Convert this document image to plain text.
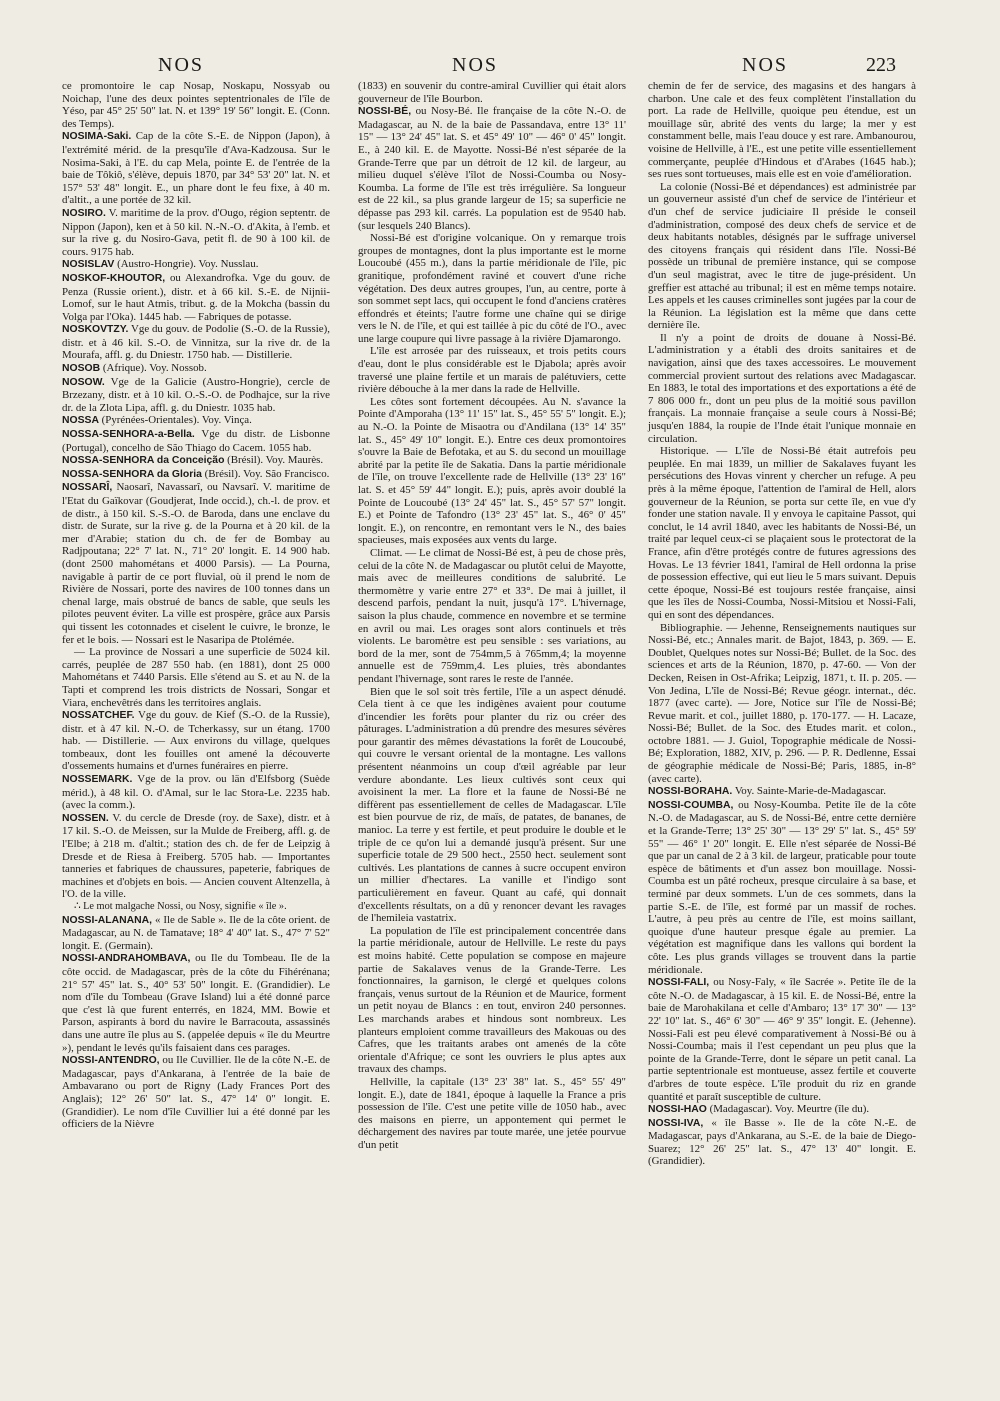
NOS	NOS	NOS	223

ce promontoire le cap Nosap, Noskapu, Nossyab ou Noichap, l'une des deux pointes septentrionales de l'île de Yéso, par 45° 25' 50" lat. N. et 139° 19' 56" longit. E. (Conn. des Temps).

NOSIMA-Saki. Cap de la côte S.-E. de Nippon (Japon), à l'extrémité mérid. de la presqu'île d'Ava-Kadzousa. Sur le Nosima-Saki, à l'E. du cap Mela, pointe E. de l'entrée de la baie de Tôkiô, s'élève, depuis 1870, par 34° 53' 20" lat. N. et 157° 53' 48" longit. E., un phare dont le feu fixe, à 40 m. d'altit., a une portée de 32 kil.

NOSIRO. V. maritime de la prov. d'Ougo, région septentr. de Nippon (Japon), ken et à 50 kil. N.-N.-O. d'Akita, à l'emb. et sur la rive g. du Nosiro-Gava, petit fl. de 90 à 100 kil. de cours. 9175 hab.

NOSISLAV (Austro-Hongrie). Voy. Nusslau.

NOSKOF-KHOUTOR, ou Alexandrofka. Vge du gouv. de Penza (Russie orient.), distr. et à 66 kil. S.-E. de Nijnii-Lomof, sur le haut Atmis, tribut. g. de la Mokcha (bassin du Volga par l'Oka). 1445 hab. — Fabriques de potasse.

NOSKOVTZY. Vge du gouv. de Podolie (S.-O. de la Russie), distr. et à 46 kil. S.-O. de Vinnitza, sur la rive dr. de la Mourafa, affl. g. du Dniestr. 1750 hab. — Distillerie.

NOSOB (Afrique). Voy. Nossob.

NOSOW. Vge de la Galicie (Austro-Hongrie), cercle de Brzezany, distr. et à 10 kil. O.-S.-O. de Podhajce, sur la rive dr. de la Zlota Lipa, affl. g. du Dniestr. 1035 hab.

NOSSA (Pyrénées-Orientales). Voy. Vinça.

NOSSA-SENHORA-a-Bella. Vge du distr. de Lisbonne (Portugal), concelho de São Thiago do Cacem. 1055 hab.

NOSSA-SENHORA da Conceição (Brésil). Voy. Maurès.

NOSSA-SENHORA da Gloria (Brésil). Voy. São Francisco.

NOSSARÎ, Naosarî, Navassarî, ou Navsarî. V. maritime de l'Etat du Gaïkovar (Goudjerat, Inde occid.), ch.-l. de prov. et de distr., à 150 kil. S.-S.-O. de Baroda, dans une enclave du distr. de Surate, sur la rive g. de la Pourna et à 20 kil. de la mer d'Arabie; station du ch. de fer de Bombay au Radjpoutana; 22° 7' lat. N., 71° 20' longit. E. 14 900 hab. (dont 2500 mahométans et 4000 Parsis). — La Pourna, navigable à partir de ce port fluvial, où il prend le nom de Rivière de Nossari, porte des navires de 100 tonnes dans un chenal large, mais obstrué de bancs de sable, que seuls les pilotes peuvent éviter. La ville est prospère, grâce aux Parsis qui tissent les cotonnades et ciselent le cuivre, le bronze, le fer et le bois. — Nossari est le Nasaripa de Ptolémée.

— La province de Nossari a une superficie de 5024 kil. carrés, peuplée de 287 550 hab. (en 1881), dont 25 000 Mahométans et 7440 Parsis. Elle s'étend au S. et au N. de la Tapti et comprend les trois districts de Nossari, Songar et Viara, enchevêtrés dans les territoires anglais.

NOSSATCHEF. Vge du gouv. de Kief (S.-O. de la Russie), distr. et à 47 kil. N.-O. de Tcherkassy, sur un étang. 1700 hab. — Distillerie. — Aux environs du village, quelques tombeaux, dont les fouilles ont amené la découverte d'ossements humains et d'urnes funéraires en pierre.

NOSSEMARK. Vge de la prov. ou län d'Elfsborg (Suède mérid.), à 48 kil. O. d'Amal, sur le lac Stora-Le. 2235 hab. (avec la comm.).

NOSSEN. V. du cercle de Dresde (roy. de Saxe), distr. et à 17 kil. S.-O. de Meissen, sur la Mulde de Freiberg, affl. g. de l'Elbe; à 218 m. d'altit.; station des ch. de fer de Leipzig à Dresde et de Riesa à Freiberg. 5705 hab. — Importantes tanneries et fabriques de chaussures, papeterie, fabriques de machines et d'objets en bois. — Ancien couvent Altenzella, à l'O. de la ville.

∴ Le mot malgache Nossi, ou Nosy, signifie « île ».

NOSSI-ALANANA, « Ile de Sable ». Ile de la côte orient. de Madagascar, au N. de Tamatave; 18° 4' 40" lat. S., 47° 7' 52" longit. E. (Germain).

NOSSI-ANDRAHOMBAVA, ou Ile du Tombeau. Ile de la côte occid. de Madagascar, près de la côte du Fihérénana; 21° 57' 45" lat. S., 40° 53' 50" longit. E. (Grandidier). Le nom d'île du Tombeau (Grave Island) lui a été donné parce que c'est là que furent enterrés, en 1824, MM. Bowie et Parson, aspirants à bord du navire le Barracouta, assassinés dans une autre île plus au S. (appelée depuis « île du Meurtre »), pendant le levés qu'ils faisaient dans ces parages.

NOSSI-ANTENDRO, ou Ile Cuvillier. Ile de la côte N.-E. de Madagascar, pays d'Ankarana, à l'entrée de la baie de Ambavarano ou port de Rigny (Lady Frances Port des Anglais); 12° 26' 50" lat. S., 47° 14' 0" longit. E. (Grandidier). Le nom d'île Cuvillier lui a été donné par les officiers de la Nièvre

(1833) en souvenir du contre-amiral Cuvillier qui était alors gouverneur de l'île Bourbon.

NOSSI-BÉ, ou Nosy-Bé. Ile française de la côte N.-O. de Madagascar, au N. de la baie de Passandava, entre 13° 11' 15" — 13° 24' 45" lat. S. et 45° 49' 10" — 46° 0' 45" longit. E., à 240 kil. E. de Mayotte. Nossi-Bé n'est séparée de la Grande-Terre que par un détroit de 12 kil. de largeur, au milieu duquel s'élève l'îlot de Nossi-Coumba ou Nosy-Koumba. La forme de l'île est très irrégulière. Sa longueur est de 22 kil., sa plus grande largeur de 15; sa superficie ne dépasse pas 293 kil. carrés. La population est de 9540 hab. (sur lesquels 240 Blancs).

Nossi-Bé est d'origine volcanique. On y remarque trois groupes de montagnes, dont la plus importante est le morne Loucoubé (455 m.), dans la partie méridionale de l'île, pic granitique, profondément raviné et couvert d'une riche végétation. Des deux autres groupes, l'un, au centre, porte à son sommet sept lacs, qui occupent le fond d'anciens cratères effondrés et éteints; l'autre forme une chaîne qui se dirige vers le N. de l'île, et qui est taillée à pic du côté de l'O., avec une large coupure qui livre passage à la rivière Djamarongo.

L'île est arrosée par des ruisseaux, et trois petits cours d'eau, dont le plus considérable est le Djabola; après avoir traversé une plaine fertile et un marais de palétuviers, cette rivière débouche à la mer dans la rade de Hellville.

Les côtes sont fortement découpées. Au N. s'avance la Pointe d'Amporaha (13° 11' 15" lat. S., 45° 55' 5" longit. E.); au N.-O. la Pointe de Misaotra ou d'Andilana (13° 14' 35" lat. S., 45° 49' 10" longit. E.). Entre ces deux promontoires s'ouvre la Baie de Befotaka, et au S. du second un mouillage abrité par la petite île de Sakatia. Dans la partie méridionale de l'île, on trouve l'excellente rade de Hellville (13° 23' 16" lat. S. et 45° 59' 44" longit. E.); puis, après avoir doublé la Pointe de Loucoubé (13° 24' 45" lat. S., 45° 57' 57" longit. E.) et Pointe de Tafondro (13° 23' 45" lat. S., 46° 0' 45" longit. E.), on rencontre, en remontant vers le N., des baies spacieuses, mais exposées aux vents du large.

Climat. — Le climat de Nossi-Bé est, à peu de chose près, celui de la côte N. de Madagascar ou plutôt celui de Mayotte, mais avec de meilleures conditions de salubrité. Le thermomètre y varie entre 27° et 33°. De mai à juillet, il descend parfois, pendant la nuit, jusqu'à 17°. L'hivernage, saison la plus chaude, commence en novembre et se termine en avril ou mai. Les orages sont alors continuels et très violents. Le baromètre est peu sensible : ses variations, au bord de la mer, sont de 754mm,5 à 765mm,4; la moyenne annuelle est de 759mm,4. Les pluies, très abondantes pendant l'hivernage, sont rares le reste de l'année.

Bien que le sol soit très fertile, l'île a un aspect dénudé. Cela tient à ce que les indigènes avaient pour coutume d'incendier les forêts pour planter du riz ou créer des pâturages. L'administration a dû prendre des mesures sévères pour garantir des mêmes dévastations la forêt de Loucoubé, qui couvre le versant oriental de la montagne. Les vallons présentent néanmoins un coup d'œil agréable par leur verdure abondante. Les lieux cultivés sont ceux qui avoisinent la mer. La flore et la faune de Nossi-Bé ne diffèrent pas essentiellement de celles de Madagascar. L'île est bien pourvue de riz, de maïs, de patates, de bananes, de manioc. La terre y est fertile, et peut produire le double et le triple de ce qu'on lui a demandé jusqu'à présent. Sur une superficie totale de 29 500 hect., 2550 hect. seulement sont cultivés. Les plantations de cannes à sucre occupent environ un millier d'hectares. La vanille et l'indigo sont particulièrement en faveur. Quant au café, qui donnait d'excellents résultats, on a dû y renoncer devant les ravages de l'hemileia vastatrix.

La population de l'île est principalement concentrée dans la partie méridionale, autour de Hellville. Le reste du pays est moins habité. Cette population se compose en majeure partie de Sakalaves venus de la Grande-Terre. Les fonctionnaires, la garnison, le clergé et quelques colons français, venus surtout de la Réunion et de Maurice, forment un petit noyau de Blancs : en tout, environ 240 personnes. Les marchands arabes et hindous sont nombreux. Les planteurs emploient comme travailleurs des Makouas ou des Cafres, que les traitants arabes ont amenés de la côte orientale d'Afrique; ce sont les ouvriers le plus aptes aux travaux des champs.

Hellville, la capitale (13° 23' 38" lat. S., 45° 55' 49" longit. E.), date de 1841, époque à laquelle la France a pris possession de l'île. C'est une petite ville de 1050 hab., avec des maisons en pierre, un appontement qui permet le déchargement des navires par toute marée, une jetée pourvue d'un petit

chemin de fer de service, des magasins et des hangars à charbon. Une cale et des feux complètent l'installation du port. La rade de Hellville, quoique peu étendue, est un mouillage sûr, abrité des vents du large; la mer y est constamment belle, mais l'eau douce y est rare. Ambanourou, voisine de Hellville, à l'E., est une petite ville essentiellement commerçante, peuplée d'Hindous et d'Arabes (1645 hab.); ses rues sont tortueuses, mais elle est en voie d'amélioration.

La colonie (Nossi-Bé et dépendances) est administrée par un gouverneur assisté d'un chef de service de l'intérieur et d'un chef de service judiciaire Il préside le conseil d'administration, composé des deux chefs de service et de deux habitants notables, désignés par le suffrage universel des citoyens français qui résident dans l'île. Nossi-Bé possède un tribunal de première instance, qui se compose d'un seul magistrat, avec le titre de juge-président. Un greffier est attaché au tribunal; il est en même temps notaire. Les appels et les causes criminelles sont jugées par la cour de la Réunion. La législation est la même que dans cette dernière île.

Il n'y a point de droits de douane à Nossi-Bé. L'administration y a établi des droits sanitaires et de navigation, ainsi que des taxes accessoires. Le mouvement commercial provient surtout des relations avec Madagascar. En 1883, le total des importations et des exportations a été de 7 806 000 fr., dont un peu plus de la moitié sous pavillon français. La monnaie française a seule cours à Nossi-Bé; jusqu'en 1884, la roupie de l'Inde était l'unique monnaie en circulation.

Historique. — L'île de Nossi-Bé était autrefois peu peuplée. En mai 1839, un millier de Sakalaves fuyant les persécutions des Hovas vinrent y chercher un refuge. A peu près à la même époque, l'attention de l'amiral de Hell, alors gouverneur de la Réunion, se porta sur cette île, en vue d'y fonder une station navale. Il y envoya le capitaine Passot, qui conclut, le 14 avril 1840, avec les habitants de Nossi-Bé, un traité par lequel ceux-ci se plaçaient sous le protectorat de la France, afin d'être protégés contre de futures agressions des Hovas. Le 13 février 1841, l'amiral de Hell ordonna la prise de possession effective, qui eut lieu le 5 mars suivant. Depuis cette époque, Nossi-Bé est toujours restée française, ainsi que les îles de Nossi-Coumba, Nossi-Mitsiou et Nossi-Fali, qui en sont des dépendances.

Bibliographie. — Jehenne, Renseignements nautiques sur Nossi-Bé, etc.; Annales marit. de Bajot, 1843, p. 369. — E. Doublet, Quelques notes sur Nossi-Bé; Bullet. de la Soc. des sciences et arts de la Réunion, 1870, p. 47-60. — Von der Decken, Reisen in Ost-Afrika; Leipzig, 1871, t. II. p. 205. — Von Jedina, L'île de Nossi-Bé; Revue géogr. internat., déc. 1877 (avec carte). — Jore, Notice sur l'île de Nossi-Bé; Revue marit. et col., juillet 1880, p. 170-177. — H. Lacaze, Nossi-Bé; Bullet. de la Soc. des Etudes marit. et colon., octobre 1881. — J. Guiol, Topographie médicale de Nossi-Bé; Exploration, 1882, XIV, p. 296. — P. R. Dedlenne, Essai de géographie médicale de Nossi-Bé; Paris, 1885, in-8° (avec carte).

NOSSI-BORAHA. Voy. Sainte-Marie-de-Madagascar.

NOSSI-COUMBA, ou Nosy-Koumba. Petite île de la côte N.-O. de Madagascar, au S. de Nossi-Bé, entre cette dernière et la Grande-Terre; 13° 25' 30" — 13° 29' 5" lat. S., 45° 59' 55" — 46° 1' 20" longit. E. Elle n'est séparée de Nossi-Bé que par un canal de 2 à 3 kil. de largeur, praticable pour toute espèce de bâtiments et d'un assez bon mouillage. Nossi-Coumba est un pâté rocheux, presque circulaire à sa base, et terminé par deux sommets. L'un de ces sommets, dans la partie S.-E. de l'île, est formé par un massif de roches. L'autre, à peu près au centre de l'île, est moins saillant, quoique d'une hauteur presque égale au premier. La végétation est magnifique dans les vallons qui bordent la côte. Les plus grands villages se trouvent dans la partie méridionale.

NOSSI-FALI, ou Nosy-Faly, « île Sacrée ». Petite île de la côte N.-O. de Madagascar, à 15 kil. E. de Nossi-Bé, entre la baie de Marohakilana et celle d'Ambaro; 13° 17' 30" — 13° 22' 10" lat. S., 46° 6' 30" — 46° 9' 35" longit. E. (Jehenne). Nossi-Fali est peu élevé comparativement à Nossi-Bé ou à Nossi-Coumba; mais il l'est cependant un peu plus que la pointe de la Grande-Terre, dont le sépare un petit canal. La partie septentrionale est montueuse, assez fertile et couverte d'arbres de toute espèce. L'île produit du riz en grande quantité et paraît susceptible de culture.

NOSSI-HAO (Madagascar). Voy. Meurtre (île du).

NOSSI-IVA, « île Basse ». Ile de la côte N.-E. de Madagascar, pays d'Ankarana, au S.-E. de la baie de Diego-Suarez; 12° 26' 25" lat. S., 47° 13' 40" longit. E. (Grandidier).
